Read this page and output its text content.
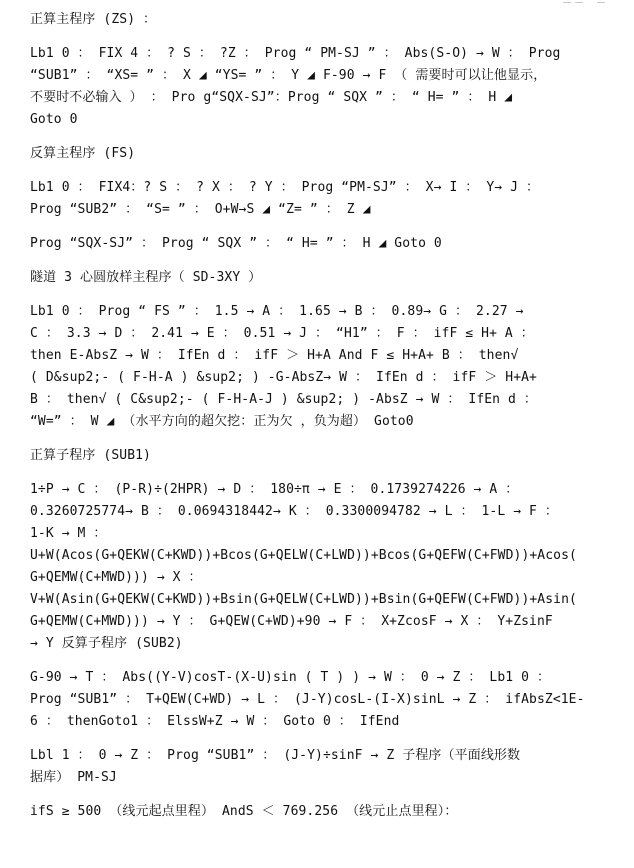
正算主程序 (ZS) ：
Lb1 0 ： FIX 4 ： ? S ： ?Z ： Prog “ PM-SJ ” ： Abs(S-O) → W ： Prog
“SUB1” ： “XS= ” ： X ◢ “YS= ” ： Y ◢ F-90 → F （ 需要时可以让他显示，
不要时不必输入 ） ： Pro g“SQX-SJ”：Prog “ SQX ” ： “ H= ” ： H ◢
Goto 0
反算主程序 (FS)
Lb1 0 ： FIX4：? S ： ? X ： ? Y ： Prog “PM-SJ” ： X→ I ： Y→ J ：
Prog “SUB2” ： “S= ” ： O+W→S ◢ “Z= ” ： Z ◢
Prog “SQX-SJ” ： Prog “ SQX ” ： “ H= ” ： H ◢ Goto 0
隧道 3 心圆放样主程序（ SD-3XY ）
Lb1 0 ： Prog “ FS ” ： 1.5 → A ： 1.65 → B ： 0.89→ G ： 2.27 →
C ： 3.3 → D ： 2.41 → E ： 0.51 → J ： “H1” ： F ： ifF ≤ H+ A ：
then E-AbsZ → W ： IfEn d ： ifF ＞ H+A And F ≤ H+A+ B ： then√
( D&sup2;- ( F-H-A ) &sup2; ) -G-AbsZ→ W ： IfEn d ： ifF ＞ H+A+
B ： then√ ( C&sup2;- ( F-H-A-J ) &sup2; ) -AbsZ → W ： IfEn d ：
“W=” ： W ◢ （水平方向的超欠挖：正为欠 ，负为超） Goto0
正算子程序 (SUB1)
1÷P → C ： (P-R)÷(2HPR) → D ： 180÷π → E ： 0.1739274226 → A ：
0.3260725774→ B ： 0.0694318442→ K ： 0.3300094782 → L ： 1-L → F ：
1-K → M ：
U+W(Acos(G+QEKW(C+KWD))+Bcos(G+QELW(C+LWD))+Bcos(G+QEFW(C+FWD))+Acos(
G+QEMW(C+MWD))) → X ：
V+W(Asin(G+QEKW(C+KWD))+Bsin(G+QELW(C+LWD))+Bsin(G+QEFW(C+FWD))+Asin(
G+QEMW(C+MWD))) → Y ： G+QEW(C+WD)+90 → F ： X+ZcosF → X ： Y+ZsinF
→ Y 反算子程序 (SUB2)
G-90 → T ： Abs((Y-V)cosT-(X-U)sin ( T ) ) → W ： 0 → Z ： Lb1 0 ：
Prog “SUB1” ： T+QEW(C+WD) → L ： (J-Y)cosL-(I-X)sinL → Z ： ifAbsZ<1E-
6 ： thenGoto1 ： ElssW+Z → W ： Goto 0 ： IfEnd
Lbl 1 ： 0 → Z ： Prog “SUB1” ： (J-Y)÷sinF → Z 子程序（平面线形数
据库） PM-SJ
ifS ≥ 500 （线元起点里程） AndS ＜ 769.256 （线元止点里程）：
